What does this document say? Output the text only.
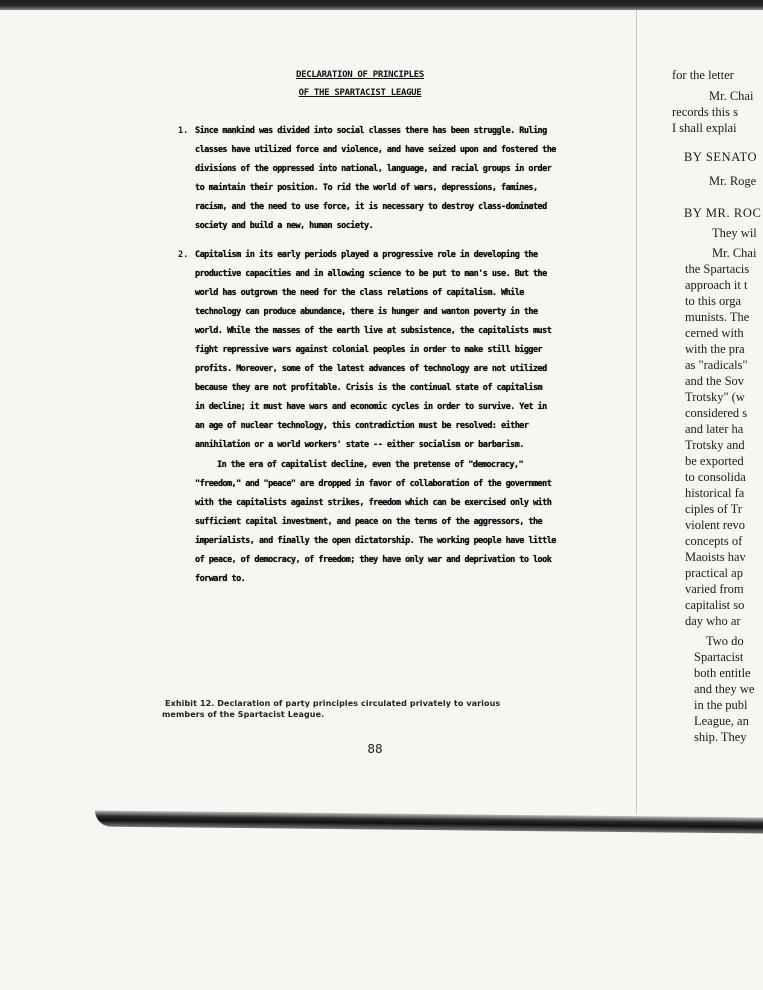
DECLARATION OF PRINCIPLES
OF THE SPARTACIST LEAGUE
1. Since mankind was divided into social classes there has been struggle. Ruling
classes have utilized force and violence, and have seized upon and fostered the
divisions of the oppressed into national, language, and racial groups in order
to maintain their position. To rid the world of wars, depressions, famines,
racism, and the need to use force, it is necessary to destroy class-dominated
society and build a new, human society.
2. Capitalism in its early periods played a progressive role in developing the
productive capacities and in allowing science to be put to man's use. But the
world has outgrown the need for the class relations of capitalism. While
technology can produce abundance, there is hunger and wanton poverty in the
world. While the masses of the earth live at subsistence, the capitalists must
fight repressive wars against colonial peoples in order to make still bigger
profits. Moreover, some of the latest advances of technology are not utilized
because they are not profitable. Crisis is the continual state of capitalism
in decline; it must have wars and economic cycles in order to survive. Yet in
an age of nuclear technology, this contradiction must be resolved: either
annihilation or a world workers' state -- either socialism or barbarism.
In the era of capitalist decline, even the pretense of "democracy,"
"freedom," and "peace" are dropped in favor of collaboration of the government
with the capitalists against strikes, freedom which can be exercised only with
sufficient capital investment, and peace on the terms of the aggressors, the
imperialists, and finally the open dictatorship. The working people have little
of peace, of democracy, of freedom; they have only war and deprivation to look
forward to.
Exhibit 12. Declaration of party principles circulated privately to various
members of the Spartacist League.
88
for the letter
Mr. Chai
records this s
I shall explai
BY SENATO
Mr. Roge
BY MR. ROC
They wil
Mr. Chai
the Spartacis
approach it t
to this orga
munists. The
cerned with
with the pra
as "radicals"
and the Sov
Trotsky" (w
considered s
and later ha
Trotsky and
be exported
to consolida
historical fa
ciples of Tr
violent revo
concepts of
Maoists hav
practical ap
varied from
capitalist so
day who ar
Two do
Spartacist
both entitle
and they we
in the publ
League, an
ship. They
